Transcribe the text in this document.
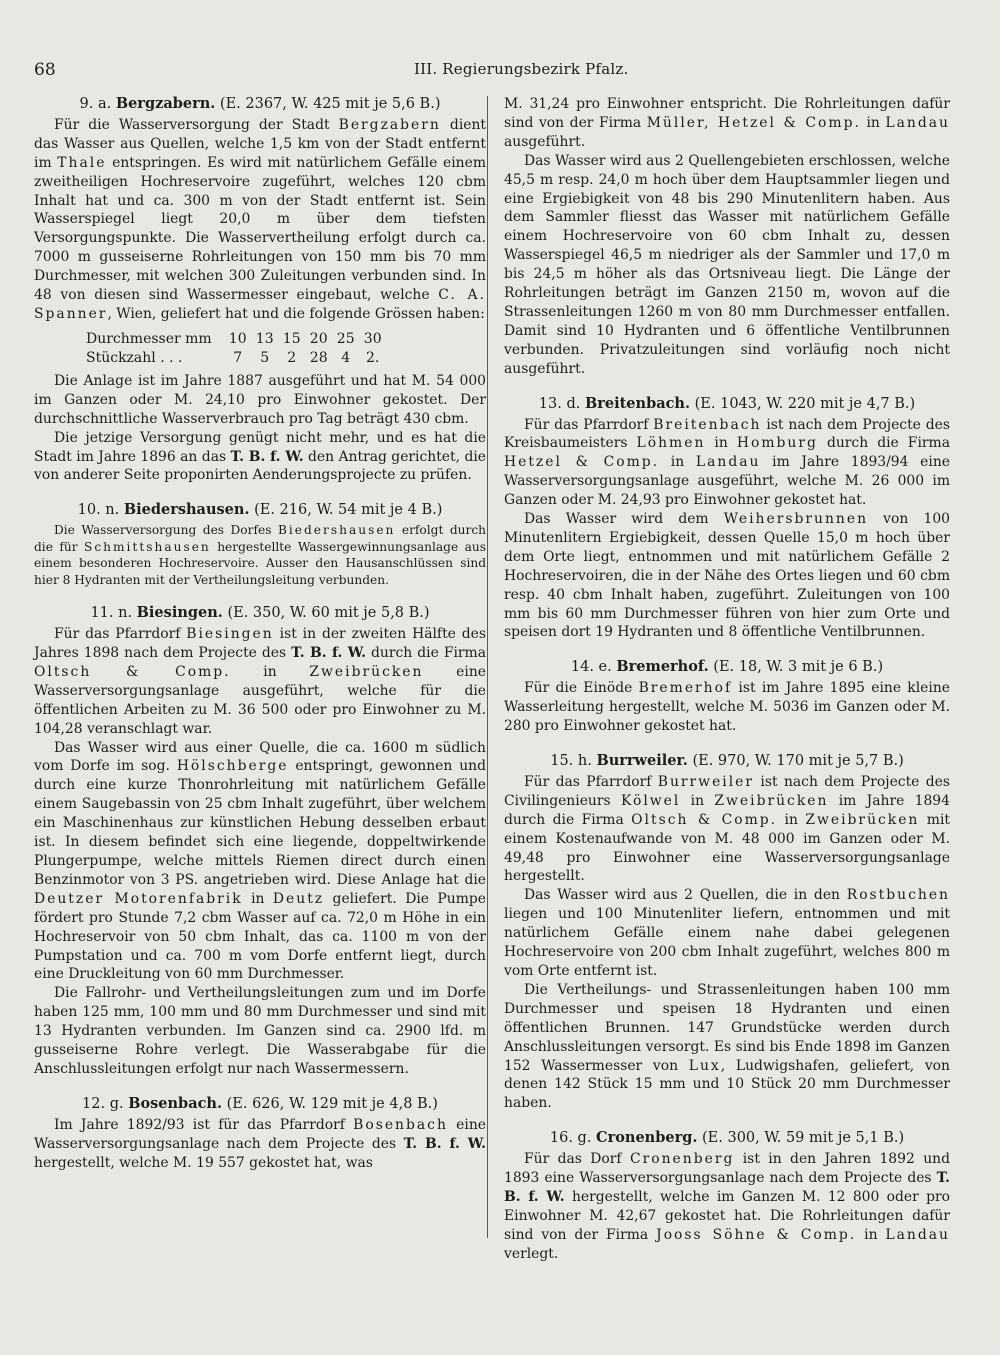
68	III. Regierungsbezirk Pfalz.
9. a. Bergzabern. (E. 2367, W. 425 mit je 5,6 B.)

Für die Wasserversorgung der Stadt Bergzabern dient das Wasser aus Quellen, welche 1,5 km von der Stadt entfernt im Thale entspringen. Es wird mit natürlichem Gefälle einem zweitheiligen Hochreservoire zugeführt, welches 120 cbm Inhalt hat und ca. 300 m von der Stadt entfernt ist. Sein Wasserspiegel liegt 20,0 m über dem tiefsten Versorgungspunkte. Die Wasservertheilung erfolgt durch ca. 7000 m gusseiserne Rohrleitungen von 150 mm bis 70 mm Durchmesser, mit welchen 300 Zuleitungen verbunden sind. In 48 von diesen sind Wassermesser eingebaut, welche C. A. Spanner, Wien, geliefert hat und die folgende Grössen haben:

Durchmesser mm	10	13	15	20	25	30
Stückzahl . . .	7	5	2	28	4	2.

Die Anlage ist im Jahre 1887 ausgeführt und hat M. 54 000 im Ganzen oder M. 24,10 pro Einwohner gekostet. Der durchschnittliche Wasserverbrauch pro Tag beträgt 430 cbm.

Die jetzige Versorgung genügt nicht mehr, und es hat die Stadt im Jahre 1896 an das T. B. f. W. den Antrag gerichtet, die von anderer Seite proponirten Aenderungsprojecte zu prüfen.

10. n. Biedershausen. (E. 216, W. 54 mit je 4 B.)

Die Wasserversorgung des Dorfes Biedershausen erfolgt durch die für Schmittshausen hergestellte Wassergewinnungsanlage aus einem besonderen Hochreservoire. Ausser den Hausanschlüssen sind hier 8 Hydranten mit der Vertheilungsleitung verbunden.

11. n. Biesingen. (E. 350, W. 60 mit je 5,8 B.)

Für das Pfarrdorf Biesingen ist in der zweiten Hälfte des Jahres 1898 nach dem Projecte des T. B. f. W. durch die Firma Oltsch & Comp. in Zweibrücken eine Wasserversorgungsanlage ausgeführt, welche für die öffentlichen Arbeiten zu M. 36 500 oder pro Einwohner zu M. 104,28 veranschlagt war.

Das Wasser wird aus einer Quelle, die ca. 1600 m südlich vom Dorfe im sog. Hölschberge entspringt, gewonnen und durch eine kurze Thonrohrleitung mit natürlichem Gefälle einem Saugebassin von 25 cbm Inhalt zugeführt, über welchem ein Maschinenhaus zur künstlichen Hebung desselben erbaut ist. In diesem befindet sich eine liegende, doppeltwirkende Plungerpumpe, welche mittels Riemen direct durch einen Benzinmotor von 3 PS. angetrieben wird. Diese Anlage hat die Deutzer Motorenfabrik in Deutz geliefert. Die Pumpe fördert pro Stunde 7,2 cbm Wasser auf ca. 72,0 m Höhe in ein Hochreservoir von 50 cbm Inhalt, das ca. 1100 m von der Pumpstation und ca. 700 m vom Dorfe entfernt liegt, durch eine Druckleitung von 60 mm Durchmesser.

Die Fallrohr- und Vertheilungsleitungen zum und im Dorfe haben 125 mm, 100 mm und 80 mm Durchmesser und sind mit 13 Hydranten verbunden. Im Ganzen sind ca. 2900 lfd. m gusseiserne Rohre verlegt. Die Wasserabgabe für die Anschlussleitungen erfolgt nur nach Wassermessern.

12. g. Bosenbach. (E. 626, W. 129 mit je 4,8 B.)

Im Jahre 1892/93 ist für das Pfarrdorf Bosenbach eine Wasserversorgungsanlage nach dem Projecte des T. B. f. W. hergestellt, welche M. 19 557 gekostet hat, was

M. 31,24 pro Einwohner entspricht. Die Rohrleitungen dafür sind von der Firma Müller, Hetzel & Comp. in Landau ausgeführt.

Das Wasser wird aus 2 Quellengebieten erschlossen, welche 45,5 m resp. 24,0 m hoch über dem Hauptsammler liegen und eine Ergiebigkeit von 48 bis 290 Minutenlitern haben. Aus dem Sammler fliesst das Wasser mit natürlichem Gefälle einem Hochreservoire von 60 cbm Inhalt zu, dessen Wasserspiegel 46,5 m niedriger als der Sammler und 17,0 m bis 24,5 m höher als das Ortsniveau liegt. Die Länge der Rohrleitungen beträgt im Ganzen 2150 m, wovon auf die Strassenleitungen 1260 m von 80 mm Durchmesser entfallen. Damit sind 10 Hydranten und 6 öffentliche Ventilbrunnen verbunden. Privatzuleitungen sind vorläufig noch nicht ausgeführt.

13. d. Breitenbach. (E. 1043, W. 220 mit je 4,7 B.)

Für das Pfarrdorf Breitenbach ist nach dem Projecte des Kreisbaumeisters Löhmen in Homburg durch die Firma Hetzel & Comp. in Landau im Jahre 1893/94 eine Wasserversorgungsanlage ausgeführt, welche M. 26 000 im Ganzen oder M. 24,93 pro Einwohner gekostet hat.

Das Wasser wird dem Weihersbrunnen von 100 Minutenlitern Ergiebigkeit, dessen Quelle 15,0 m hoch über dem Orte liegt, entnommen und mit natürlichem Gefälle 2 Hochreservoiren, die in der Nähe des Ortes liegen und 60 cbm resp. 40 cbm Inhalt haben, zugeführt. Zuleitungen von 100 mm bis 60 mm Durchmesser führen von hier zum Orte und speisen dort 19 Hydranten und 8 öffentliche Ventilbrunnen.

14. e. Bremerhof. (E. 18, W. 3 mit je 6 B.)

Für die Einöde Bremerhof ist im Jahre 1895 eine kleine Wasserleitung hergestellt, welche M. 5036 im Ganzen oder M. 280 pro Einwohner gekostet hat.

15. h. Burrweiler. (E. 970, W. 170 mit je 5,7 B.)

Für das Pfarrdorf Burrweiler ist nach dem Projecte des Civilingenieurs Kölwel in Zweibrücken im Jahre 1894 durch die Firma Oltsch & Comp. in Zweibrücken mit einem Kostenaufwande von M. 48 000 im Ganzen oder M. 49,48 pro Einwohner eine Wasserversorgungsanlage hergestellt.

Das Wasser wird aus 2 Quellen, die in den Rostbuchen liegen und 100 Minutenliter liefern, entnommen und mit natürlichem Gefälle einem nahe dabei gelegenen Hochreservoire von 200 cbm Inhalt zugeführt, welches 800 m vom Orte entfernt ist.

Die Vertheilungs- und Strassenleitungen haben 100 mm Durchmesser und speisen 18 Hydranten und einen öffentlichen Brunnen. 147 Grundstücke werden durch Anschlussleitungen versorgt. Es sind bis Ende 1898 im Ganzen 152 Wassermesser von Lux, Ludwigshafen, geliefert, von denen 142 Stück 15 mm und 10 Stück 20 mm Durchmesser haben.

16. g. Cronenberg. (E. 300, W. 59 mit je 5,1 B.)

Für das Dorf Cronenberg ist in den Jahren 1892 und 1893 eine Wasserversorgungsanlage nach dem Projecte des T. B. f. W. hergestellt, welche im Ganzen M. 12 800 oder pro Einwohner M. 42,67 gekostet hat. Die Rohrleitungen dafür sind von der Firma Jooss Söhne & Comp. in Landau verlegt.
